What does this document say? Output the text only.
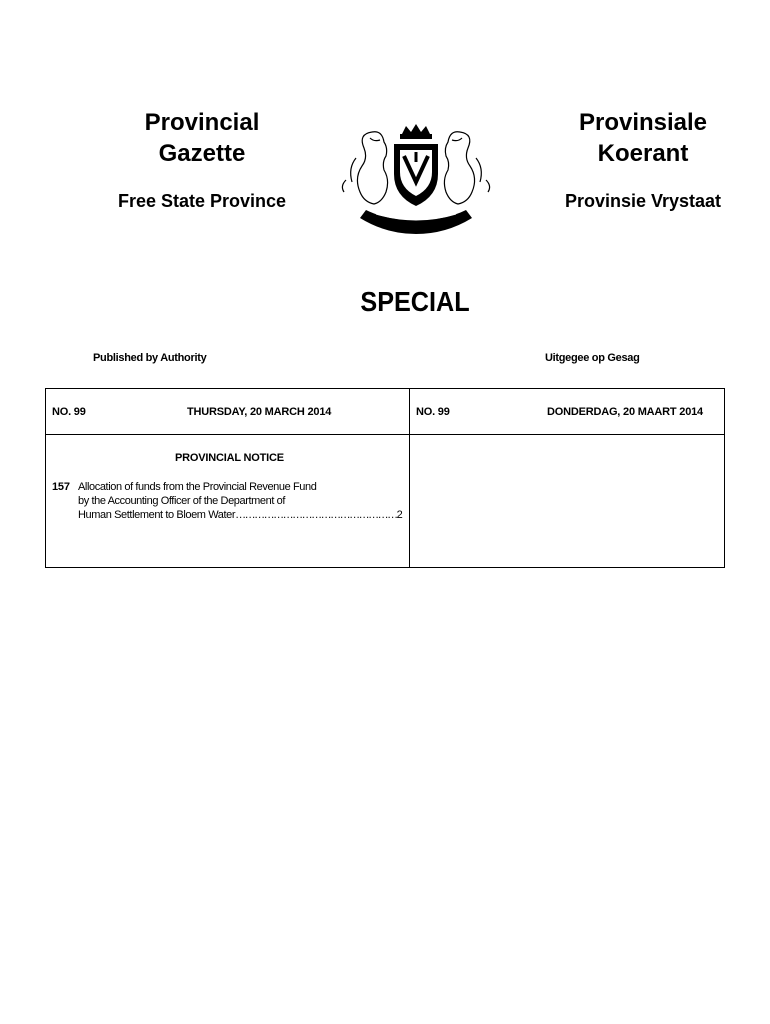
Provincial
Gazette
Free State Province
Provinsiale
Koerant
Provinsie Vrystaat
SPECIAL
Published by Authority	Uitgegee op Gesag
NO. 99	THURSDAY, 20 MARCH 2014	NO. 99	DONDERDAG, 20 MAART 2014
PROVINCIAL NOTICE
157 Allocation of funds from the Provincial Revenue Fund
by the Accounting Officer of the Department of
Human Settlement to Bloem Water……………………………………………2
